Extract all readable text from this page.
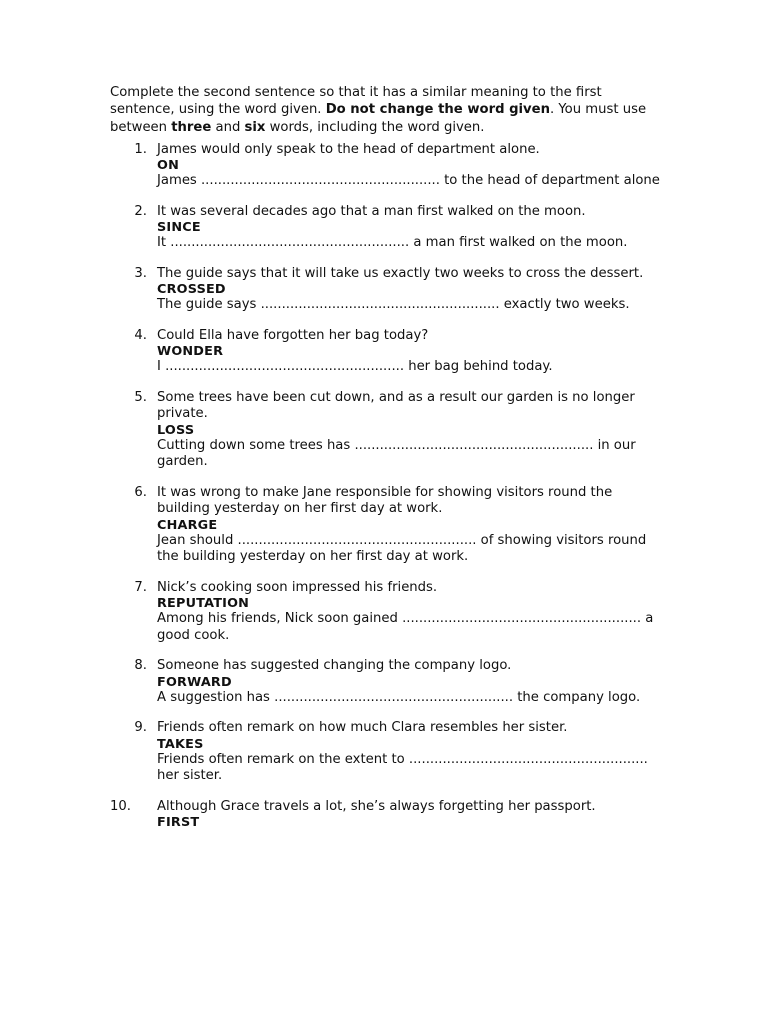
Complete the second sentence so that it has a similar meaning to the first sentence, using the word given. Do not change the word given. You must use between three and six words, including the word given.

1. James would only speak to the head of department alone.
ON
James ......................................................... to the head of department alone
2. It was several decades ago that a man first walked on the moon.
SINCE
It ......................................................... a man first walked on the moon.
3. The guide says that it will take us exactly two weeks to cross the dessert.
CROSSED
The guide says ......................................................... exactly two weeks.
4. Could Ella have forgotten her bag today?
WONDER
I ......................................................... her bag behind today.
5. Some trees have been cut down, and as a result our garden is no longer private.
LOSS
Cutting down some trees has ......................................................... in our garden.
6. It was wrong to make Jane responsible for showing visitors round the building yesterday on her first day at work.
CHARGE
Jean should ......................................................... of showing visitors round the building yesterday on her first day at work.
7. Nick’s cooking soon impressed his friends.
REPUTATION
Among his friends, Nick soon gained ......................................................... a good cook.
8. Someone has suggested changing the company logo.
FORWARD
A suggestion has ......................................................... the company logo.
9. Friends often remark on how much Clara resembles her sister.
TAKES
Friends often remark on the extent to ......................................................... her sister.
10.	Although Grace travels a lot, she’s always forgetting her passport.
FIRST
